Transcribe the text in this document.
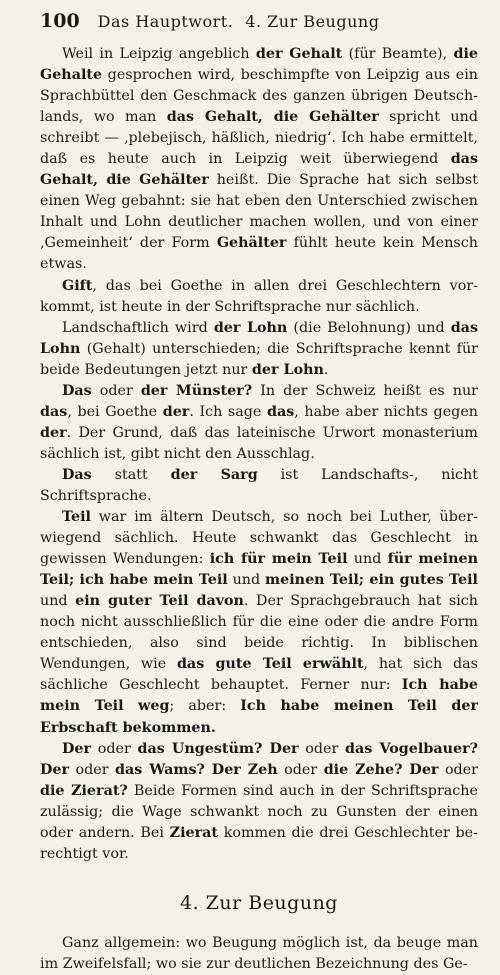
100 Das Hauptwort. 4. Zur Beugung

Weil in Leipzig angeblich der Gehalt (für Beamte), die Gehalte gesprochen wird, beschimpfte von Leipzig aus ein Sprachbüttel den Geschmack des ganzen übrigen Deutschlands, wo man das Gehalt, die Gehälter spricht und schreibt — ‚plebejisch, häßlich, niedrig‘. Ich habe ermittelt, daß es heute auch in Leipzig weit überwiegend das Gehalt, die Gehälter heißt. Die Sprache hat sich selbst einen Weg gebahnt: sie hat eben den Unterschied zwischen Inhalt und Lohn deutlicher machen wollen, und von einer ‚Gemeinheit‘ der Form Gehälter fühlt heute kein Mensch etwas.

Gift, das bei Goethe in allen drei Geschlechtern vorkommt, ist heute in der Schriftsprache nur sächlich.

Landschaftlich wird der Lohn (die Belohnung) und das Lohn (Gehalt) unterschieden; die Schriftsprache kennt für beide Bedeutungen jetzt nur der Lohn.

Das oder der Münster? In der Schweiz heißt es nur das, bei Goethe der. Ich sage das, habe aber nichts gegen der. Der Grund, daß das lateinische Urwort monasterium sächlich ist, gibt nicht den Ausschlag.

Das statt der Sarg ist Landschafts-, nicht Schriftsprache.

Teil war im ältern Deutsch, so noch bei Luther, überwiegend sächlich. Heute schwankt das Geschlecht in gewissen Wendungen: ich für mein Teil und für meinen Teil; ich habe mein Teil und meinen Teil; ein gutes Teil und ein guter Teil davon. Der Sprachgebrauch hat sich noch nicht ausschließlich für die eine oder die andre Form entschieden, also sind beide richtig. In biblischen Wendungen, wie das gute Teil erwählt, hat sich das sächliche Geschlecht behauptet. Ferner nur: Ich habe mein Teil weg; aber: Ich habe meinen Teil der Erbschaft bekommen.

Der oder das Ungestüm? Der oder das Vogelbauer? Der oder das Wams? Der Zeh oder die Zehe? Der oder die Zierat? Beide Formen sind auch in der Schriftsprache zulässig; die Wage schwankt noch zu Gunsten der einen oder andern. Bei Zierat kommen die drei Geschlechter berechtigt vor.

4. Zur Beugung

Ganz allgemein: wo Beugung möglich ist, da beuge man im Zweifelsfall; wo sie zur deutlichen Bezeichnung des Ge-
